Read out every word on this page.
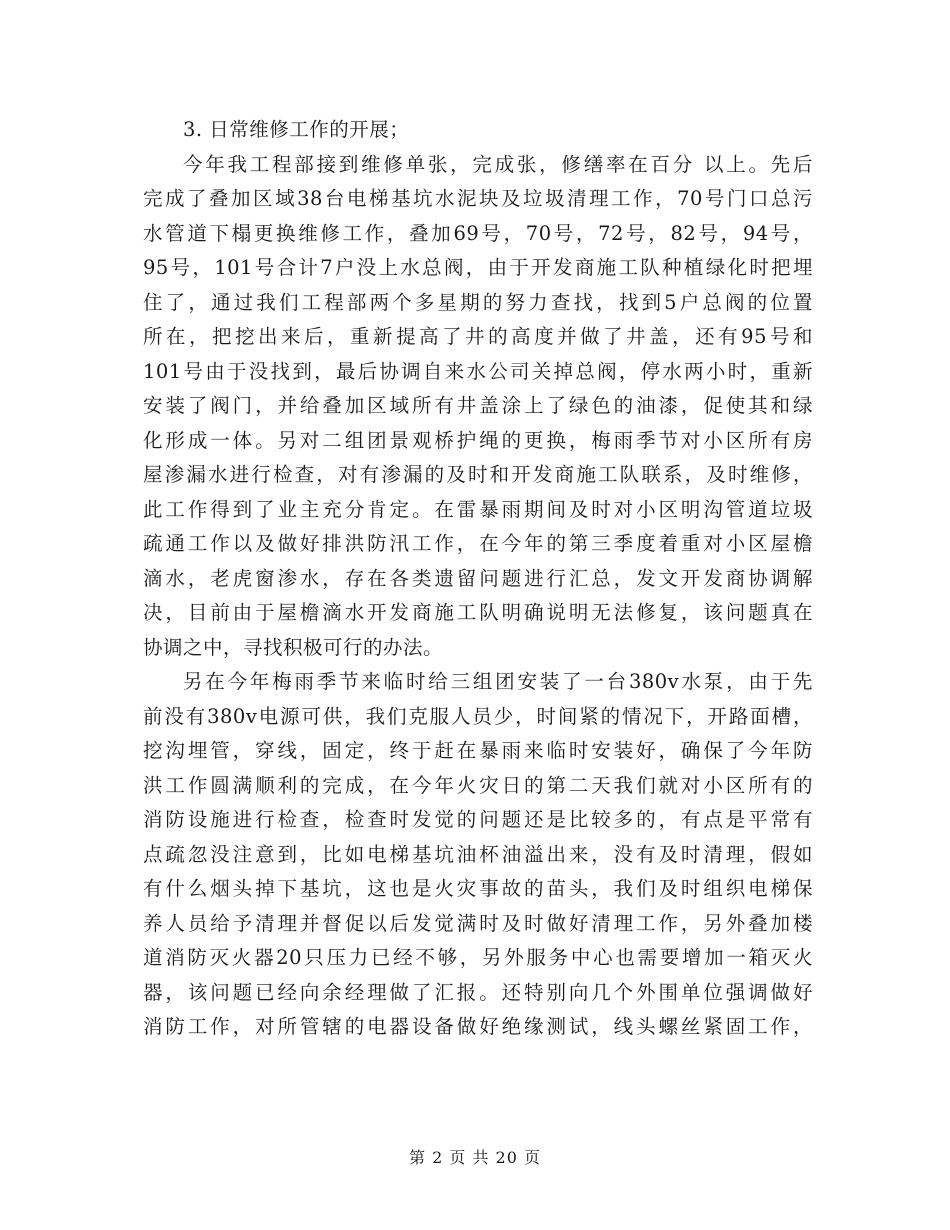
3. 日常维修工作的开展；
今年我工程部接到维修单张，完成张，修缮率在百分 以上。先后
完成了叠加区域38台电梯基坑水泥块及垃圾清理工作，70号门口总污
水管道下榻更换维修工作，叠加69号，70号，72号，82号，94号，
95号，101号合计7户没上水总阀，由于开发商施工队种植绿化时把埋
住了，通过我们工程部两个多星期的努力查找，找到5户总阀的位置
所在，把挖出来后，重新提高了井的高度并做了井盖，还有95号和
101号由于没找到，最后协调自来水公司关掉总阀，停水两小时，重新
安装了阀门，并给叠加区域所有井盖涂上了绿色的油漆，促使其和绿
化形成一体。另对二组团景观桥护绳的更换，梅雨季节对小区所有房
屋渗漏水进行检查，对有渗漏的及时和开发商施工队联系，及时维修，
此工作得到了业主充分肯定。在雷暴雨期间及时对小区明沟管道垃圾
疏通工作以及做好排洪防汛工作，在今年的第三季度着重对小区屋檐
滴水，老虎窗渗水，存在各类遗留问题进行汇总，发文开发商协调解
决，目前由于屋檐滴水开发商施工队明确说明无法修复，该问题真在
协调之中，寻找积极可行的办法。
另在今年梅雨季节来临时给三组团安装了一台380v水泵，由于先
前没有380v电源可供，我们克服人员少，时间紧的情况下，开路面槽，
挖沟埋管，穿线，固定，终于赶在暴雨来临时安装好，确保了今年防
洪工作圆满顺利的完成，在今年火灾日的第二天我们就对小区所有的
消防设施进行检查，检查时发觉的问题还是比较多的，有点是平常有
点疏忽没注意到，比如电梯基坑油杯油溢出来，没有及时清理，假如
有什么烟头掉下基坑，这也是火灾事故的苗头，我们及时组织电梯保
养人员给予清理并督促以后发觉满时及时做好清理工作，另外叠加楼
道消防灭火器20只压力已经不够，另外服务中心也需要增加一箱灭火
器，该问题已经向余经理做了汇报。还特别向几个外围单位强调做好
消防工作，对所管辖的电器设备做好绝缘测试，线头螺丝紧固工作，
第 2 页 共 20 页
